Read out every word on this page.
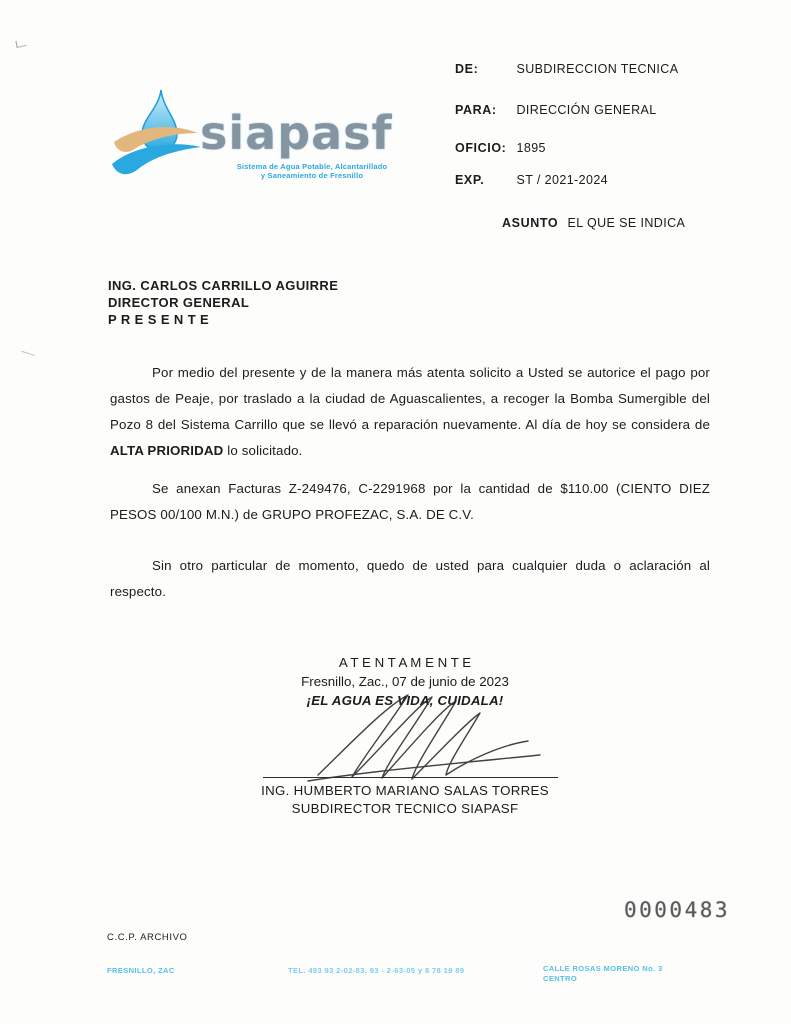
siapasf
Sistema de Agua Potable, Alcantarillado
y Saneamiento de Fresnillo
DE:	SUBDIRECCION TECNICA
PARA: DIRECCIÓN GENERAL
OFICIO: 1895
EXP.	ST / 2021-2024
ASUNTO EL QUE SE INDICA
ING. CARLOS CARRILLO AGUIRRE
DIRECTOR GENERAL
P R E S E N T E

Por medio del presente y de la manera más atenta solicito a Usted se autorice el pago por gastos de Peaje, por traslado a la ciudad de Aguascalientes, a recoger la Bomba Sumergible del Pozo 8 del Sistema Carrillo que se llevó a reparación nuevamente. Al día de hoy se considera de ALTA PRIORIDAD lo solicitado.

Se anexan Facturas Z-249476, C-2291968 por la cantidad de $110.00 (CIENTO DIEZ PESOS 00/100 M.N.) de GRUPO PROFEZAC, S.A. DE C.V.

Sin otro particular de momento, quedo de usted para cualquier duda o aclaración al respecto.

A T E N T A M E N T E
Fresnillo, Zac., 07 de junio de 2023
¡EL AGUA ES VIDA, CUIDALA!
ING. HUMBERTO MARIANO SALAS TORRES
SUBDIRECTOR TECNICO SIAPASF
0000483
C.C.P. ARCHIVO
FRESNILLO, ZAC	TEL. 493 93 2-02-83, 93 - 2-63-05 y 8 78 19 89	CALLE ROSAS MORENO No. 3
CENTRO
